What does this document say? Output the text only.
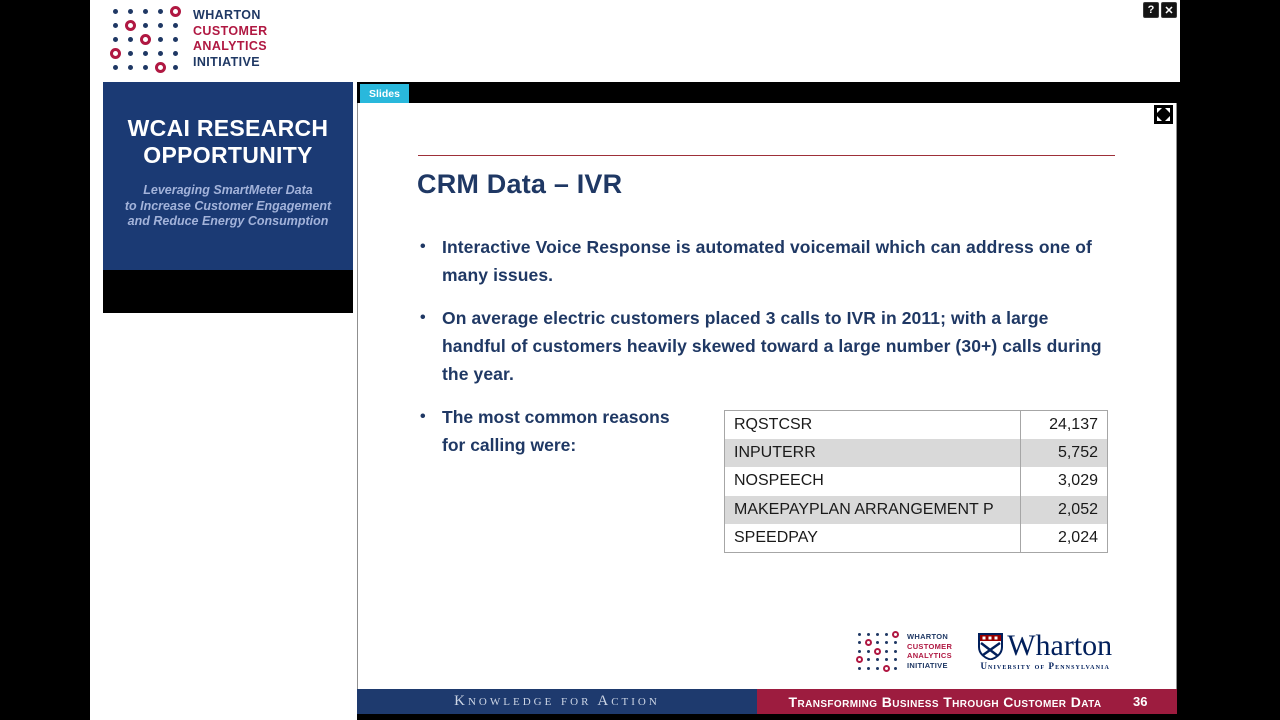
WHARTON
CUSTOMER
ANALYTICS
INITIATIVE
? ✕
WCAI RESEARCH
OPPORTUNITY
Leveraging SmartMeter Data
to Increase Customer Engagement
and Reduce Energy Consumption
Slides
CRM Data – IVR
• Interactive Voice Response is automated voicemail which can address one of many issues.
• On average electric customers placed 3 calls to IVR in 2011; with a large handful of customers heavily skewed toward a large number (30+) calls during the year.
• The most common reasons for calling were:
RQSTCSR	24,137
INPUTERR	5,752
NOSPEECH	3,029
MAKEPAYPLAN ARRANGEMENT P	2,052
SPEEDPAY	2,024
WHARTON
CUSTOMER
ANALYTICS
INITIATIVE
Wharton
University of Pennsylvania
Knowledge for Action	Transforming Business Through Customer Data	36
